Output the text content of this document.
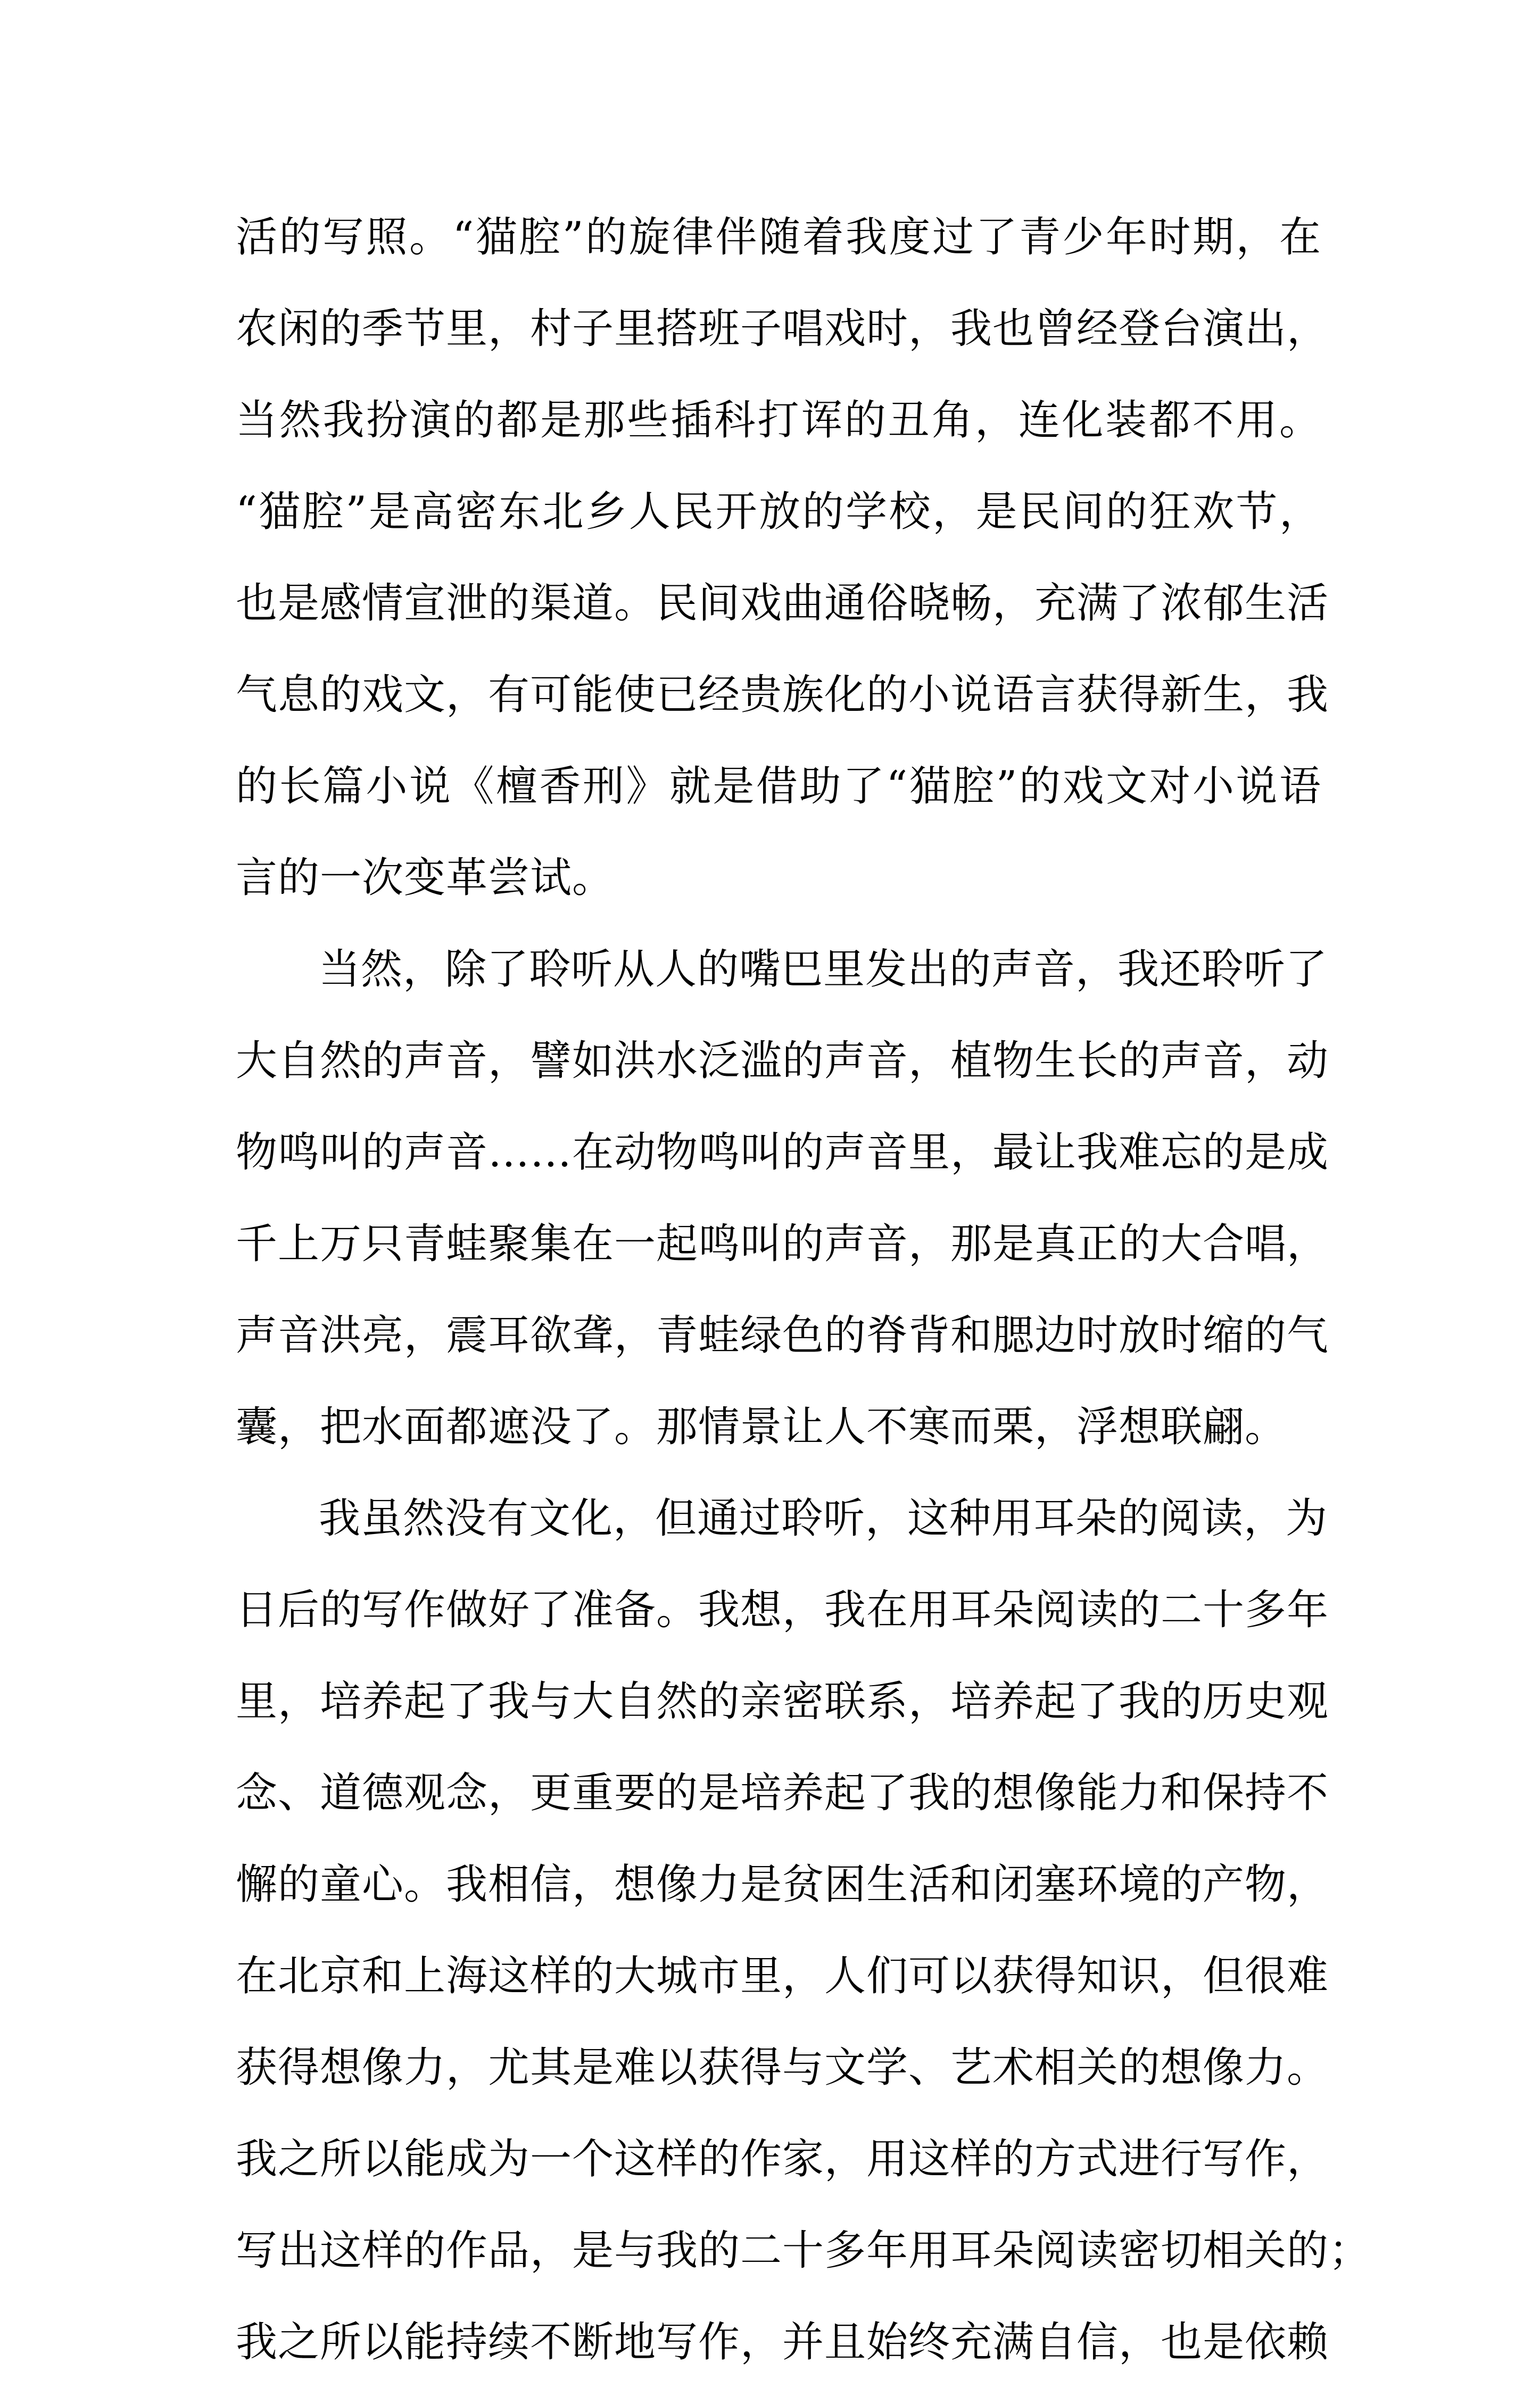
活的写照。“猫腔”的旋律伴随着我度过了青少年时期，在
农闲的季节里，村子里搭班子唱戏时，我也曾经登台演出，
当然我扮演的都是那些插科打诨的丑角，连化装都不用。
“猫腔”是高密东北乡人民开放的学校，是民间的狂欢节，
也是感情宣泄的渠道。民间戏曲通俗晓畅，充满了浓郁生活
气息的戏文，有可能使已经贵族化的小说语言获得新生，我
的长篇小说《檀香刑》就是借助了“猫腔”的戏文对小说语
言的一次变革尝试。
当然，除了聆听从人的嘴巴里发出的声音，我还聆听了
大自然的声音，譬如洪水泛滥的声音，植物生长的声音，动
物鸣叫的声音……在动物鸣叫的声音里，最让我难忘的是成
千上万只青蛙聚集在一起鸣叫的声音，那是真正的大合唱，
声音洪亮，震耳欲聋，青蛙绿色的脊背和腮边时放时缩的气
囊，把水面都遮没了。那情景让人不寒而栗，浮想联翩。
我虽然没有文化，但通过聆听，这种用耳朵的阅读，为
日后的写作做好了准备。我想，我在用耳朵阅读的二十多年
里，培养起了我与大自然的亲密联系，培养起了我的历史观
念、道德观念，更重要的是培养起了我的想像能力和保持不
懈的童心。我相信，想像力是贫困生活和闭塞环境的产物，
在北京和上海这样的大城市里，人们可以获得知识，但很难
获得想像力，尤其是难以获得与文学、艺术相关的想像力。
我之所以能成为一个这样的作家，用这样的方式进行写作，
写出这样的作品，是与我的二十多年用耳朵阅读密切相关的；
我之所以能持续不断地写作，并且始终充满自信，也是依赖
